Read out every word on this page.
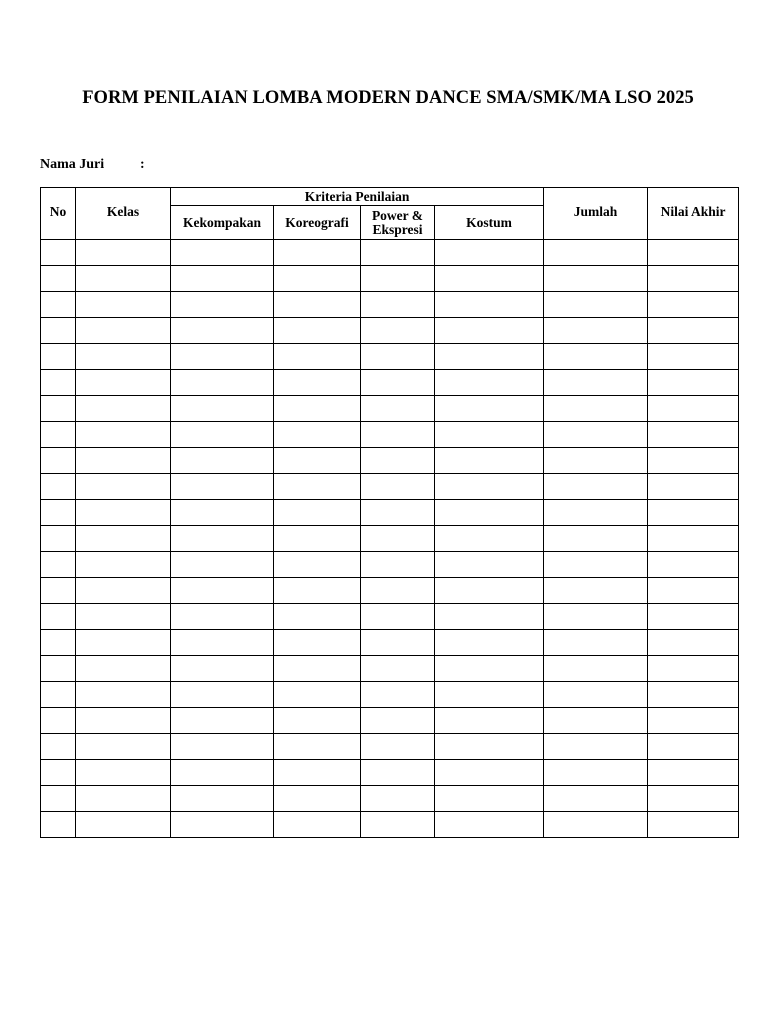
FORM PENILAIAN LOMBA MODERN DANCE SMA/SMK/MA LSO 2025
Nama Juri	:
No	Kelas	Kriteria Penilaian				Jumlah	Nilai Akhir
		Kekompakan	Koreografi	Power &
Ekspresi	Kostum		
